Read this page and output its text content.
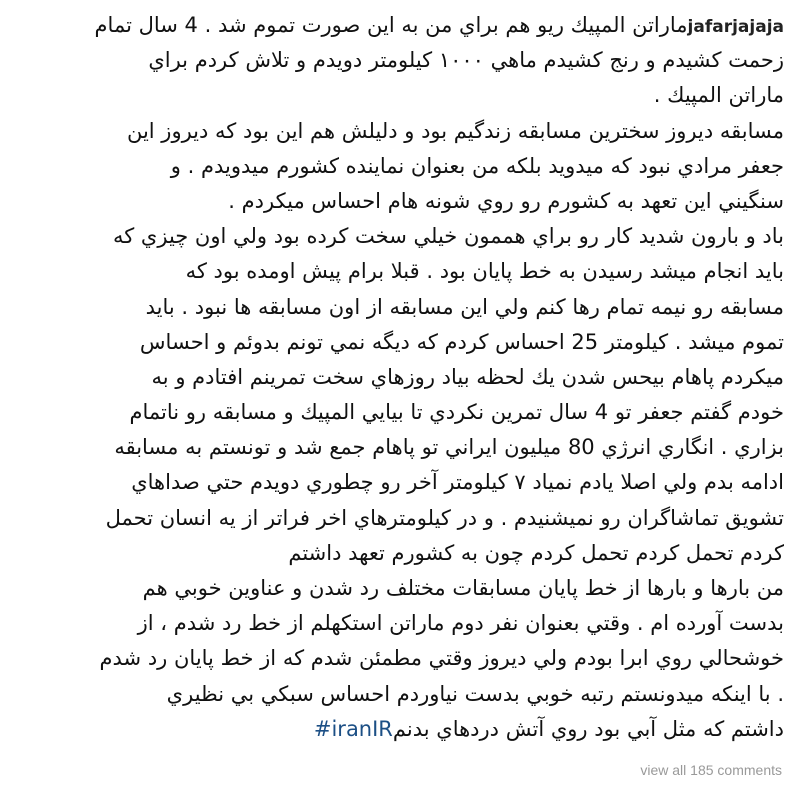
jafarjajajaماراتن المپيك ريو هم براي من به اين صورت تموم شد . 4 سال تمام
زحمت كشيدم و رنج كشيدم ماهي ١٠٠٠ كيلومتر دويدم و تلاش كردم براي
ماراتن المپيك .
مسابقه ديروز سخترين مسابقه زندگيم بود و دليلش هم اين بود كه ديروز اين
جعفر مرادي نبود كه ميدويد بلكه من بعنوان نماينده كشورم ميدويدم . و
سنگيني اين تعهد به كشورم رو روي شونه هام احساس ميكردم .
باد و بارون شديد كار رو براي هممون خيلي سخت كرده بود ولي اون چيزي كه
بايد انجام ميشد رسيدن به خط پايان بود . قبلا برام پيش اومده بود كه
مسابقه رو نيمه تمام رها كنم ولي اين مسابقه از اون مسابقه ها نبود . بايد
تموم ميشد . كيلومتر 25 احساس كردم كه ديگه نمي تونم بدوئم و احساس
ميكردم پاهام بيحس شدن يك لحظه بياد روزهاي سخت تمرينم افتادم و به
خودم گفتم جعفر تو 4 سال تمرين نكردي تا بيايي المپيك و مسابقه رو ناتمام
بزاري . انگاري انرژي 80 ميليون ايراني تو پاهام جمع شد و تونستم به مسابقه
ادامه بدم ولي اصلا يادم نمياد ٧ كيلومتر آخر رو چطوري دويدم حتي صداهاي
تشويق تماشاگران رو نميشنيدم . و در كيلومترهاي اخر فراتر از يه انسان تحمل
كردم تحمل كردم تحمل كردم چون به كشورم تعهد داشتم
من بارها و بارها از خط پايان مسابقات مختلف رد شدن و عناوين خوبي هم
بدست آورده ام . وقتي بعنوان نفر دوم ماراتن استكهلم از خط رد شدم ، از
خوشحالي روي ابرا بودم ولي ديروز وقتي مطمئن شدم كه از خط پايان رد شدم
. با اينكه ميدونستم رتبه خوبي بدست نياوردم احساس سبكي بي نظيري
داشتم كه مثل آبي بود روي آتش دردهاي بدنم#iranIR
view all 185 comments
